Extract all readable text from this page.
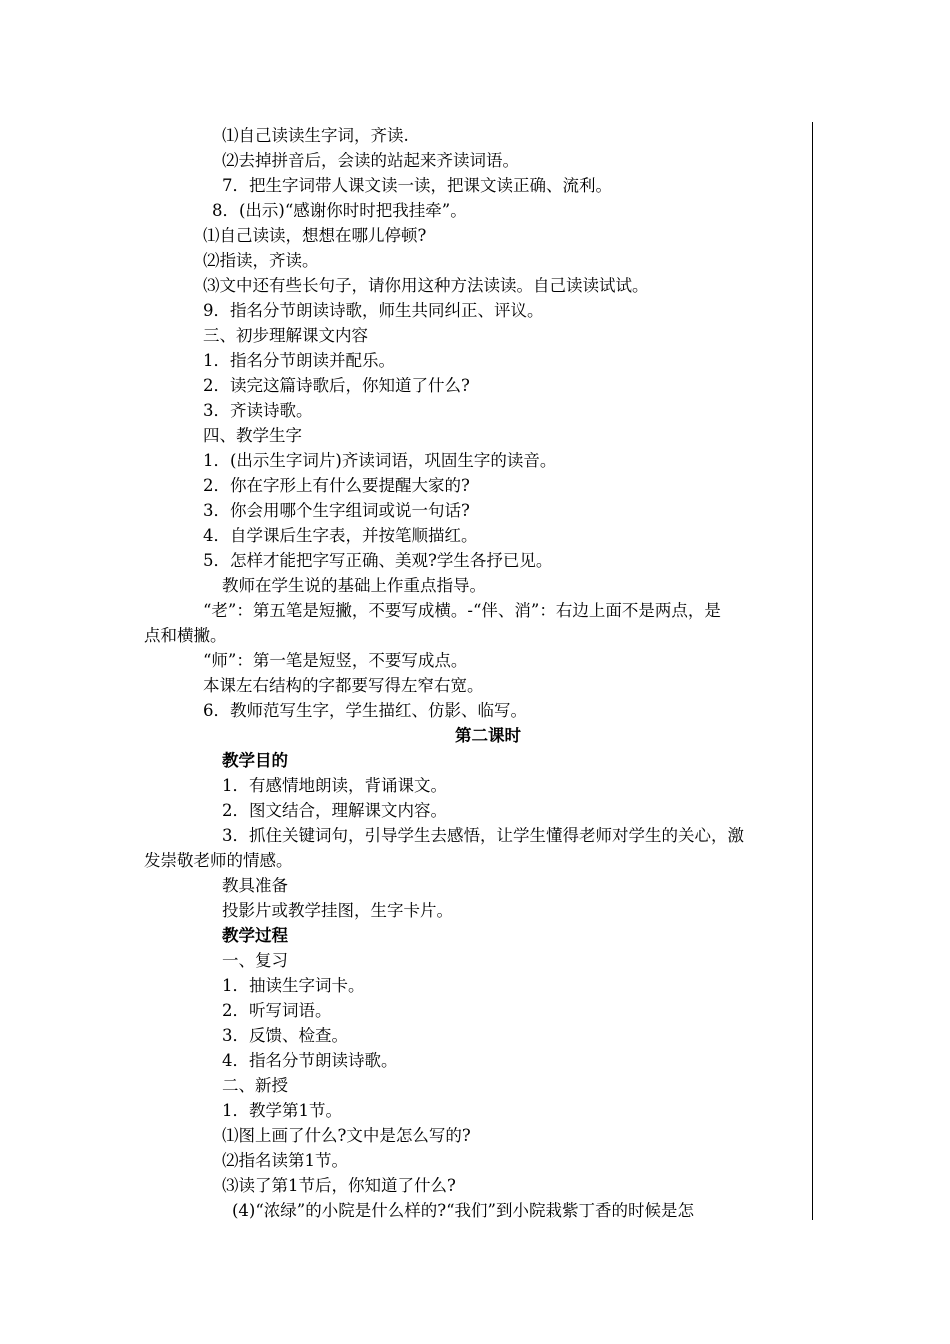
⑴自己读读生字词，齐读.
⑵去掉拼音后，会读的站起来齐读词语。
7．把生字词带人课文读一读，把课文读正确、流利。
8．(出示)“感谢你时时把我挂牵”。
⑴自己读读，想想在哪儿停顿?
⑵指读，齐读。
⑶文中还有些长句子，请你用这种方法读读。自己读读试试。
9．指名分节朗读诗歌，师生共同纠正、评议。
三、初步理解课文内容
1．指名分节朗读并配乐。
2．读完这篇诗歌后，你知道了什么?
3．齐读诗歌。
四、教学生字
1．(出示生字词片)齐读词语，巩固生字的读音。
2．你在字形上有什么要提醒大家的?
3．你会用哪个生字组词或说一句话?
4．自学课后生字表，并按笔顺描红。
5．怎样才能把字写正确、美观?学生各抒已见。
教师在学生说的基础上作重点指导。
“老”：第五笔是短撇，不要写成横。-“伴、消”：右边上面不是两点，是
点和横撇。
“师”：第一笔是短竖，不要写成点。
本课左右结构的字都要写得左窄右宽。
6．教师范写生字，学生描红、仿影、临写。
第二课时
教学目的
1．有感情地朗读，背诵课文。
2．图文结合，理解课文内容。
3．抓住关键词句，引导学生去感悟，让学生懂得老师对学生的关心，激
发崇敬老师的情感。
教具准备
投影片或教学挂图，生字卡片。
教学过程
一、复习
1．抽读生字词卡。
2．听写词语。
3．反馈、检查。
4．指名分节朗读诗歌。
二、新授
1．教学第1节。
⑴图上画了什么?文中是怎么写的?
⑵指名读第1节。
⑶读了第1节后，你知道了什么?
(4)“浓绿”的小院是什么样的?“我们”到小院栽紫丁香的时候是怎
